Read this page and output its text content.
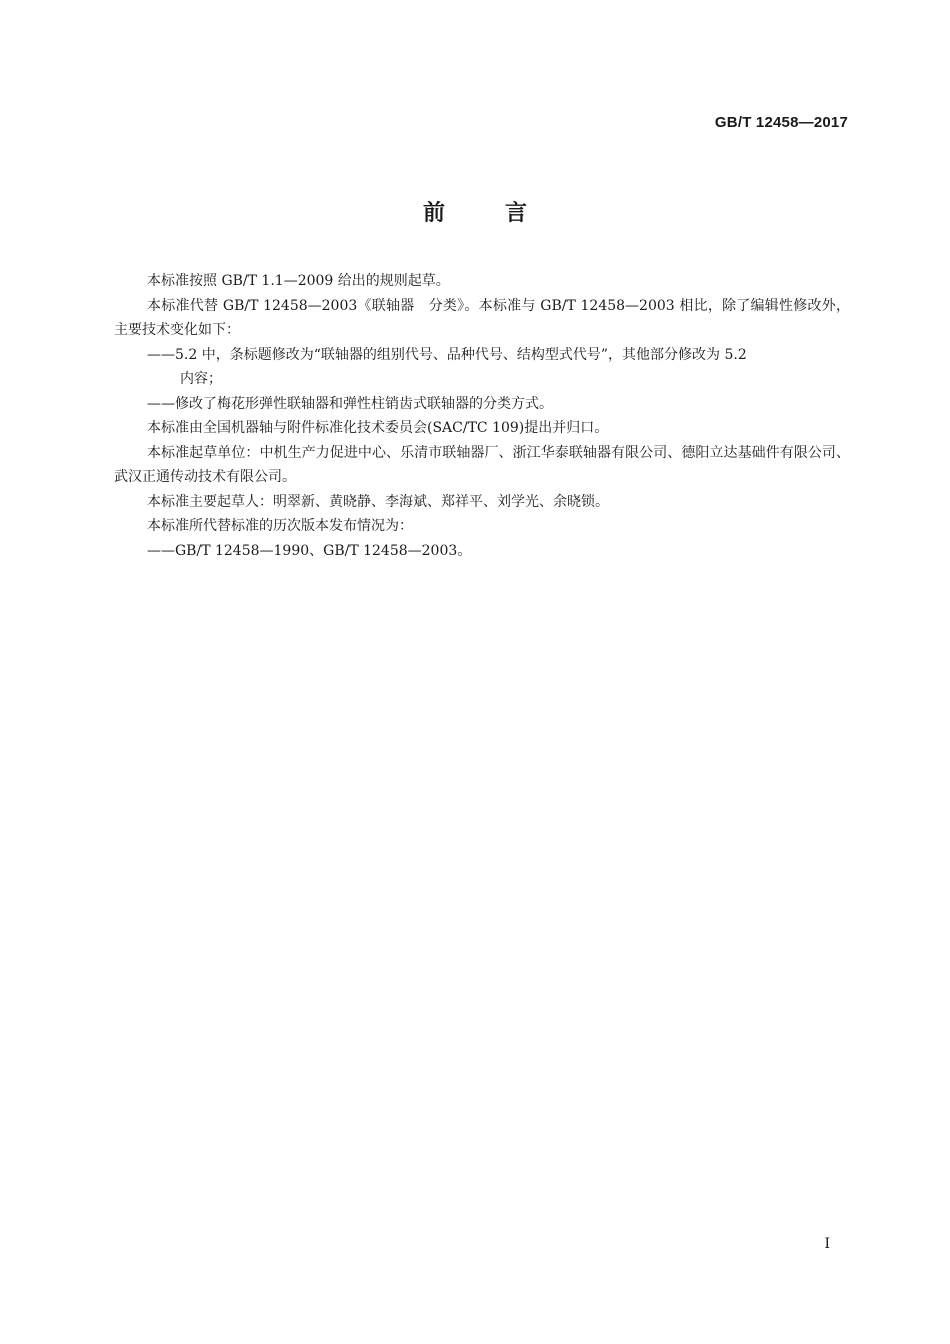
GB/T 12458—2017
前言

本标准按照 GB/T 1.1—2009 给出的规则起草。

本标准代替 GB/T 12458—2003《联轴器　分类》。本标准与 GB/T 12458—2003 相比，除了编辑性修改外，主要技术变化如下：

——5.2 中，条标题修改为“联轴器的组别代号、品种代号、结构型式代号”，其他部分修改为 5.2
内容；

——修改了梅花形弹性联轴器和弹性柱销齿式联轴器的分类方式。

本标准由全国机器轴与附件标准化技术委员会(SAC/TC 109)提出并归口。

本标准起草单位：中机生产力促进中心、乐清市联轴器厂、浙江华泰联轴器有限公司、德阳立达基础件有限公司、武汉正通传动技术有限公司。

本标准主要起草人：明翠新、黄晓静、李海斌、郑祥平、刘学光、余晓锁。

本标准所代替标准的历次版本发布情况为：

——GB/T 12458—1990、GB/T 12458—2003。

I
